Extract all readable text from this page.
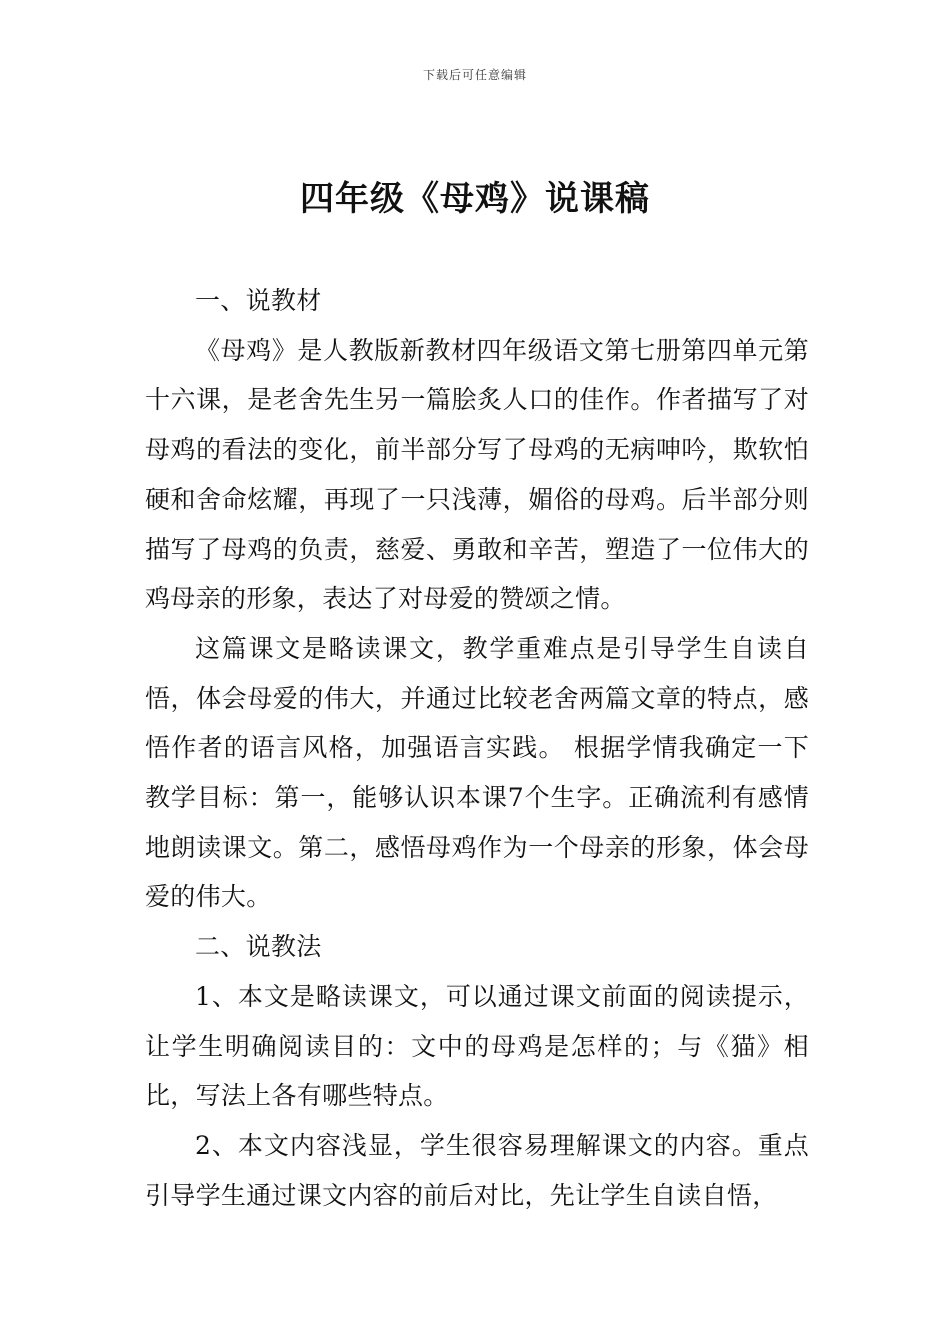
下载后可任意编辑
四年级《母鸡》说课稿

一、说教材

《母鸡》是人教版新教材四年级语文第七册第四单元第十六课，是老舍先生另一篇脍炙人口的佳作。作者描写了对母鸡的看法的变化，前半部分写了母鸡的无病呻吟，欺软怕硬和舍命炫耀，再现了一只浅薄，媚俗的母鸡。后半部分则描写了母鸡的负责，慈爱、勇敢和辛苦，塑造了一位伟大的鸡母亲的形象，表达了对母爱的赞颂之情。

这篇课文是略读课文，教学重难点是引导学生自读自悟，体会母爱的伟大，并通过比较老舍两篇文章的特点，感悟作者的语言风格，加强语言实践。 根据学情我确定一下教学目标：第一，能够认识本课7个生字。正确流利有感情地朗读课文。第二，感悟母鸡作为一个母亲的形象，体会母爱的伟大。

二、说教法

1、本文是略读课文，可以通过课文前面的阅读提示，让学生明确阅读目的：文中的母鸡是怎样的；与《猫》相比，写法上各有哪些特点。

2、本文内容浅显，学生很容易理解课文的内容。重点引导学生通过课文内容的前后对比，先让学生自读自悟，
